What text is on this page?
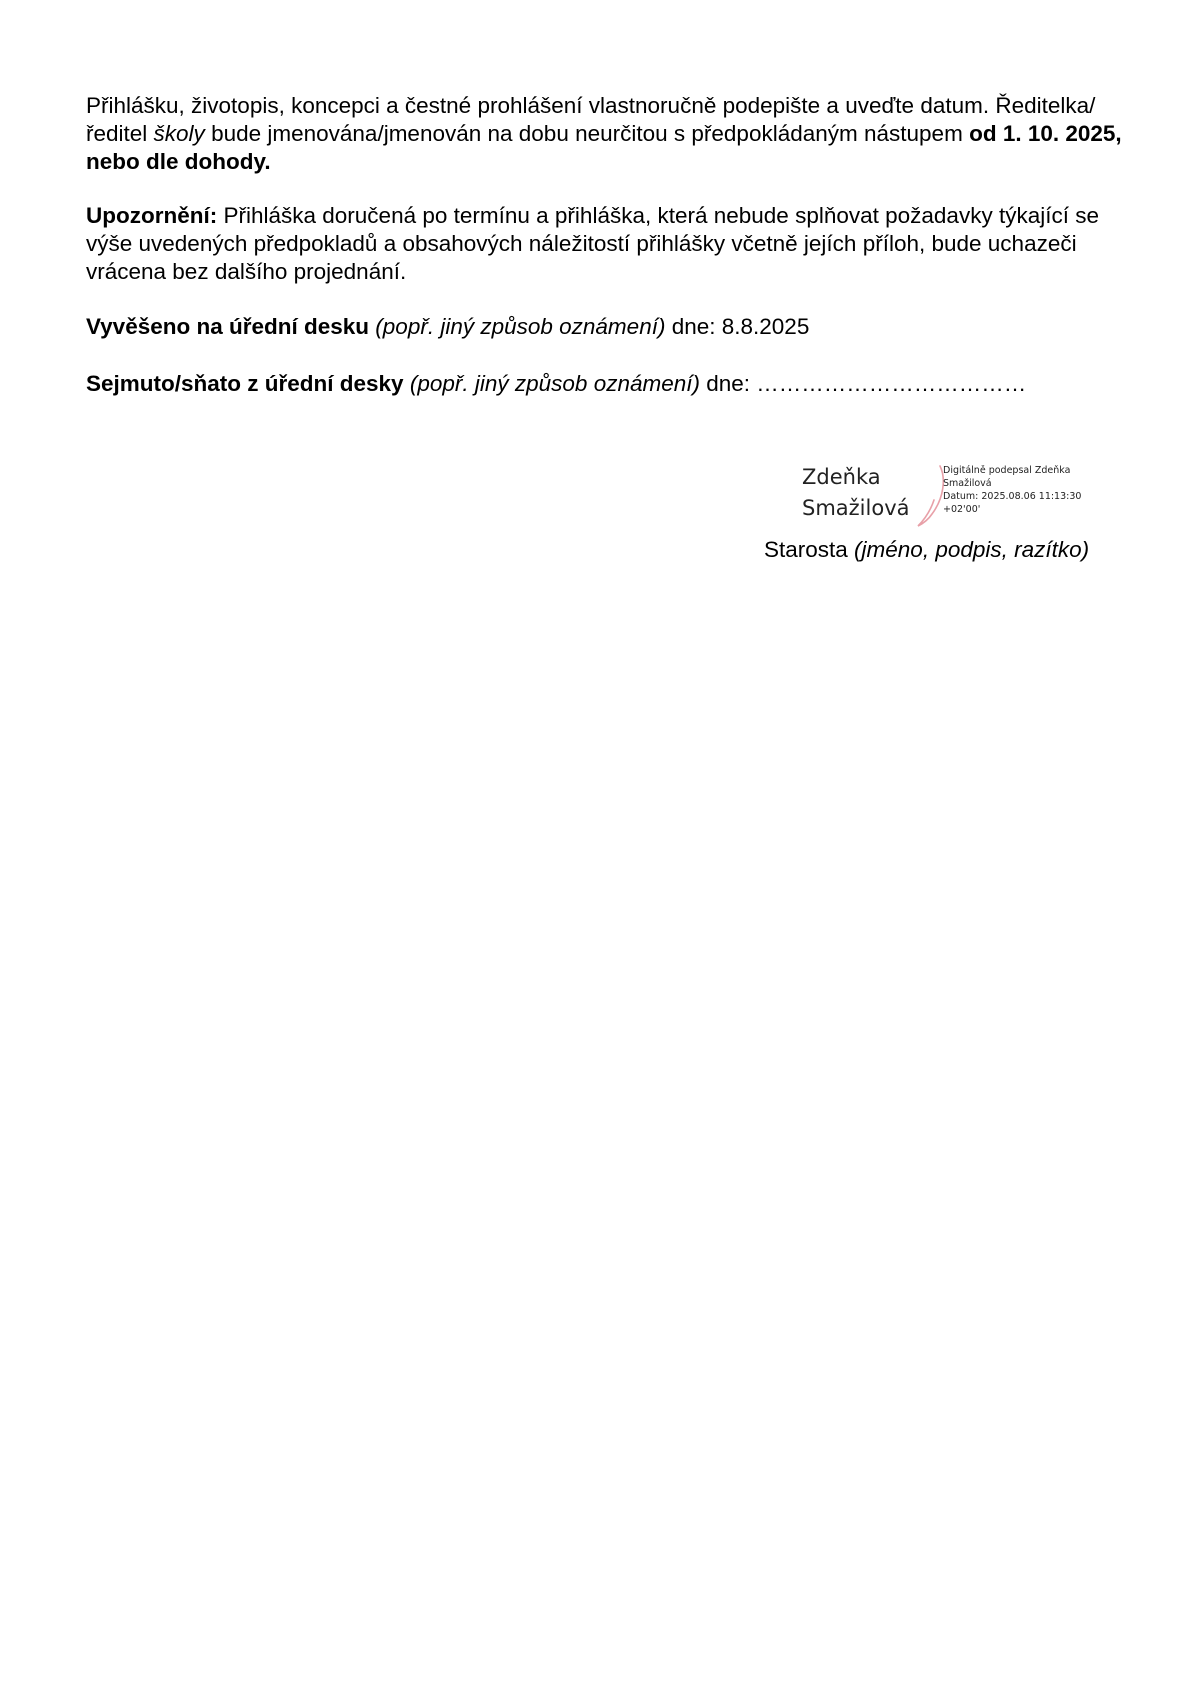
Přihlášku, životopis, koncepci a čestné prohlášení vlastnoručně podepište a uveďte datum. Ředitelka/ředitel školy bude jmenována/jmenován na dobu neurčitou s předpokládaným nástupem od 1. 10. 2025, nebo dle dohody.

Upozornění: Přihláška doručená po termínu a přihláška, která nebude splňovat požadavky týkající se výše uvedených předpokladů a obsahových náležitostí přihlášky včetně jejích příloh, bude uchazeči vrácena bez dalšího projednání.

Vyvěšeno na úřední desku (popř. jiný způsob oznámení) dne: 8.8.2025

Sejmuto/sňato z úřední desky (popř. jiný způsob oznámení) dne: ………………………………

Zdeňka
Smažilová
Digitálně podepsal Zdeňka
Smažilová
Datum: 2025.08.06 11:13:30
+02'00'

Starosta (jméno, podpis, razítko)
